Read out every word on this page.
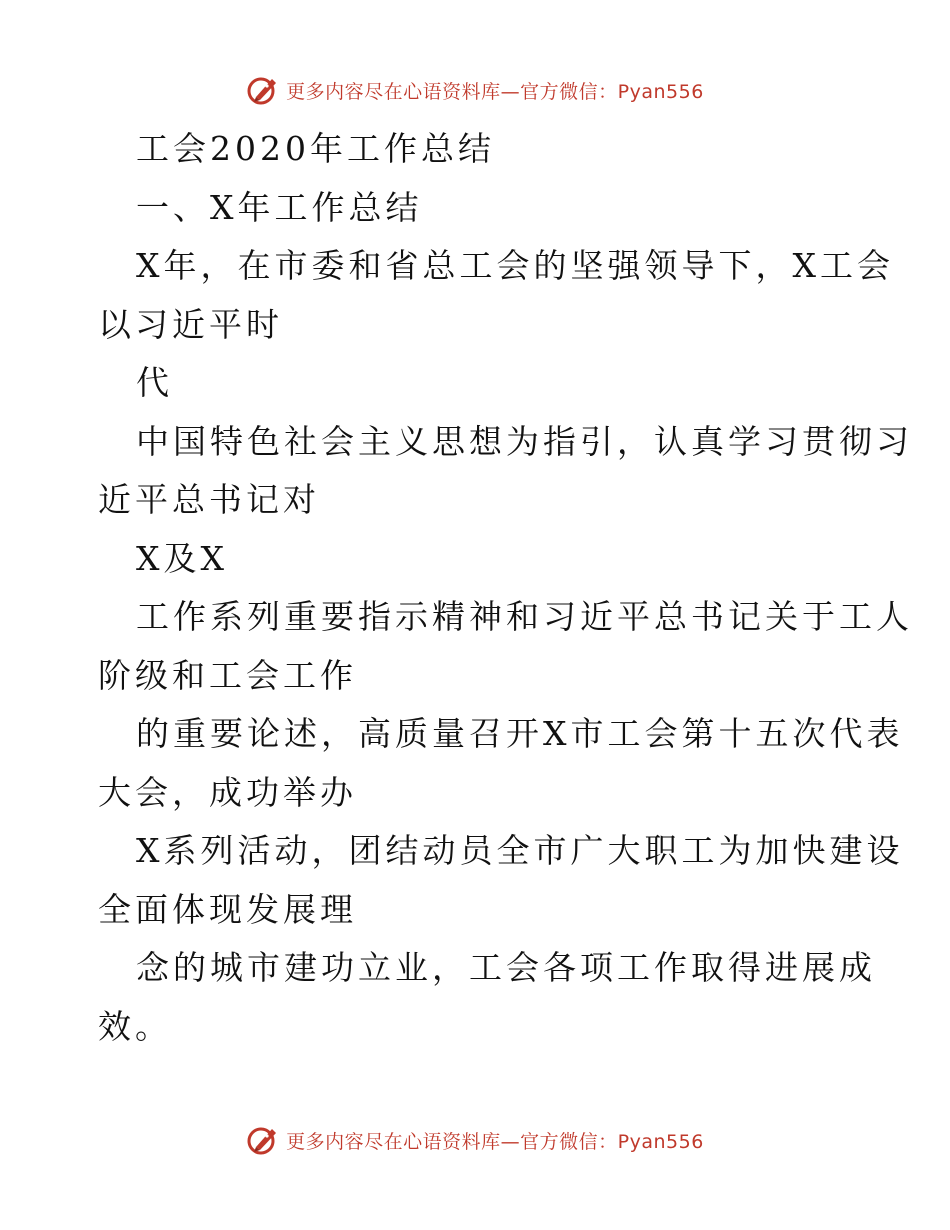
更多内容尽在心语资料库—官方微信：Pyan556
工会2020年工作总结
一、X年工作总结
X年，在市委和省总工会的坚强领导下，X工会
以习近平时
代
中国特色社会主义思想为指引，认真学习贯彻习
近平总书记对
X及X
工作系列重要指示精神和习近平总书记关于工人
阶级和工会工作
的重要论述，高质量召开X市工会第十五次代表
大会，成功举办
X系列活动，团结动员全市广大职工为加快建设
全面体现发展理
念的城市建功立业，工会各项工作取得进展成
效。
更多内容尽在心语资料库—官方微信：Pyan556
